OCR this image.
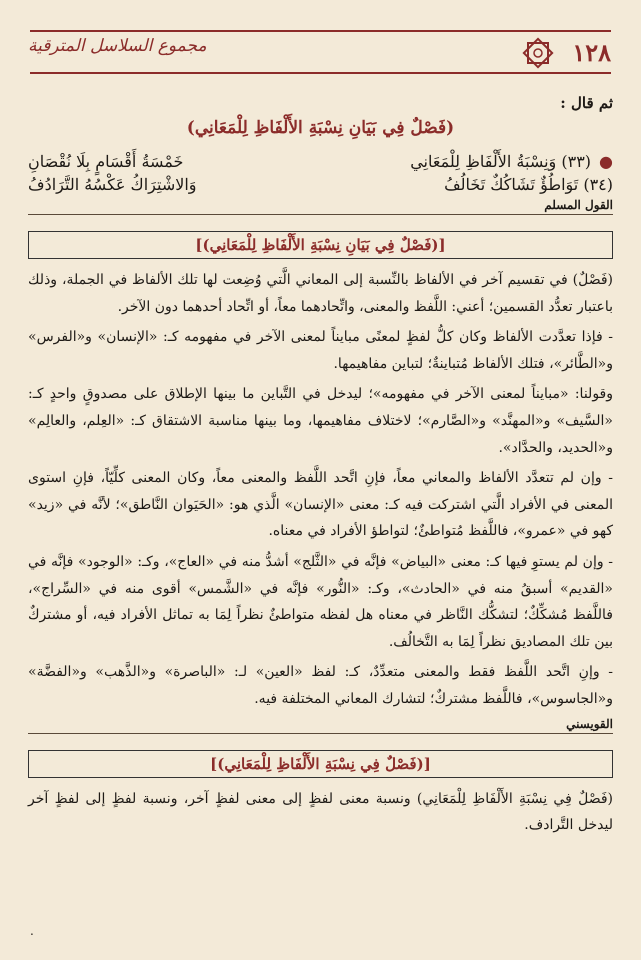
مجموع السلاسل المترقية	١٢٨
ثم قال :
(فَصْلٌ فِي بَيَانِ نِسْبَةِ الأَلْفَاظِ لِلْمَعَانِي)
●(٣٣) وَنِسْبَةُ الأَلْفَاظِ لِلْمَعَانِي
خَمْسَةُ أَقْسَامٍ بِلَا نُقْصَانِ
(٣٤) تَوَاطُؤٌ تَشَاكُكٌ تَخَالُفُ
وَالاشْتِرَاكُ عَكْسُهُ التَّرَادُفُ
القول المسلم
[(فَصْلٌ فِي بَيَانِ نِسْبَةِ الأَلْفَاظِ لِلْمَعَانِي)]

(فَصْلٌ) في تقسيم آخر في الألفاظ بالنِّسبة إلى المعاني الَّتي وُضِعت لها تلك الألفاظ في الجملة، وذلك باعتبار تعدُّد القسمين؛ أعني: اللَّفظ والمعنى، واتِّحادهما معاً، أو اتِّحاد أحدهما دون الآخر.

- فإذا تعدَّدت الألفاظ وكان كلُّ لفظٍ لمعنًى مبايناً لمعنى الآخر في مفهومه كـ: «الإنسان» و«الفرس» و«الطَّائر»، فتلك الألفاظ مُتباينةٌ؛ لتباين مفاهيمها.

وقولنا: «مبايناً لمعنى الآخر في مفهومه»؛ ليدخل في التَّباين ما بينها الإطلاق على مصدوقٍ واحدٍ كـ: «السَّيف» و«المهنَّد» و«الصَّارم»؛ لاختلاف مفاهيمها، وما بينها مناسبة الاشتقاق كـ: «العِلم، والعالِم» و«الحديد، والحدَّاد».

- وإن لم تتعدَّد الألفاظ والمعاني معاً، فإنِ اتَّحد اللَّفظ والمعنى معاً، وكان المعنى كلِّيّاً، فإنِ استوى المعنى في الأفراد الَّتي اشتركت فيه كـ: معنى «الإنسان» الَّذي هو: «الحَيَوان النَّاطق»؛ لأنَّه في «زيد» كهو في «عمرو»، فاللَّفظ مُتواطئٌ؛ لتواطؤ الأفراد في معناه.

- وإن لم يستوِ فيها كـ: معنى «البياض» فإنَّه في «الثَّلج» أشدُّ منه في «العاج»، وكـ: «الوجود» فإنَّه في «القديم» أسبقُ منه في «الحادث»، وكـ: «النُّور» فإنَّه في «الشَّمس» أقوى منه في «السِّراج»، فاللَّفظ مُشكِّكٌ؛ لتشكُّك النَّاظر في معناه هل لفظه متواطئٌ نظراً لِمَا به تماثل الأفراد فيه، أو مشتركٌ بين تلك المصاديق نظراً لِمَا به التَّخالُف.

- وإنِ اتَّحد اللَّفظ فقط والمعنى متعدِّدٌ، كـ: لفظ «العين» لـ: «الباصرة» و«الذَّهب» و«الفضَّة» و«الجاسوس»، فاللَّفظ مشتركٌ؛ لتشارك المعاني المختلفة فيه.

القويسني
[(فَصْلٌ فِي نِسْبَةِ الأَلْفَاظِ لِلْمَعَانِي)]

(فَصْلٌ فِي نِسْبَةِ الأَلْفَاظِ لِلْمَعَانِي) ونسبة معنى لفظٍ إلى معنى لفظٍ آخر، ونسبة لفظٍ إلى لفظٍ آخر ليدخل التَّرادف.

.
